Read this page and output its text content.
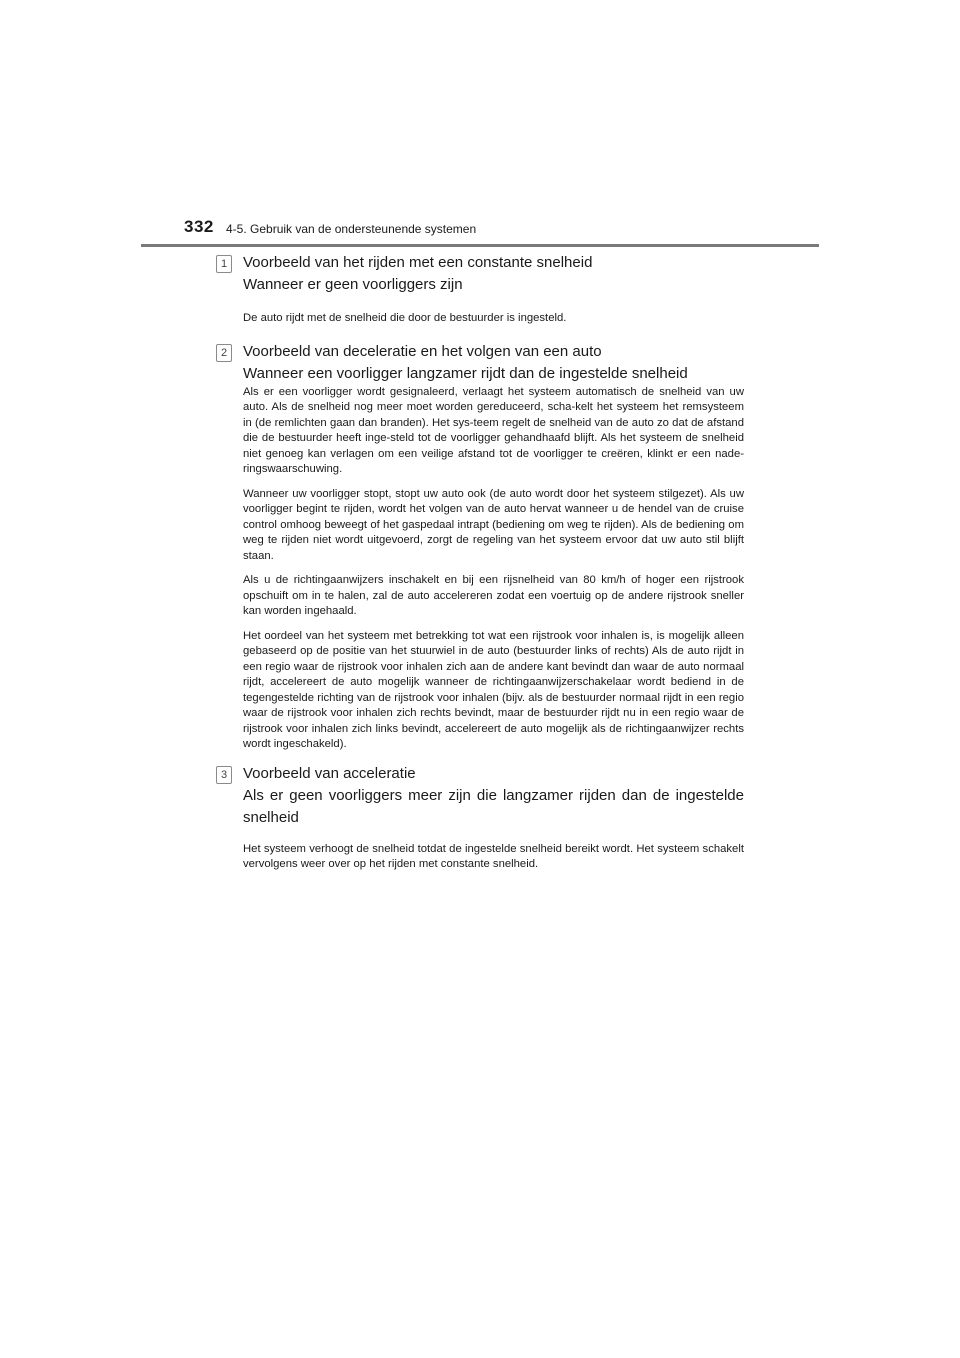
332 4-5. Gebruik van de ondersteunende systemen
1	Voorbeeld van het rijden met een constante snelheid

Wanneer er geen voorliggers zijn

De auto rijdt met de snelheid die door de bestuurder is ingesteld.

2	Voorbeeld van deceleratie en het volgen van een auto

Wanneer een voorligger langzamer rijdt dan de ingestelde snelheid

Als er een voorligger wordt gesignaleerd, verlaagt het systeem automatisch de snelheid van uw auto. Als de snelheid nog meer moet worden gereduceerd, scha-kelt het systeem het remsysteem in (de remlichten gaan dan branden). Het sys-teem regelt de snelheid van de auto zo dat de afstand die de bestuurder heeft inge-steld tot de voorligger gehandhaafd blijft. Als het systeem de snelheid niet genoeg kan verlagen om een veilige afstand tot de voorligger te creëren, klinkt er een nade-ringswaarschuwing.

Wanneer uw voorligger stopt, stopt uw auto ook (de auto wordt door het systeem stilgezet). Als uw voorligger begint te rijden, wordt het volgen van de auto hervat wanneer u de hendel van de cruise control omhoog beweegt of het gaspedaal intrapt (bediening om weg te rijden). Als de bediening om weg te rijden niet wordt uitgevoerd, zorgt de regeling van het systeem ervoor dat uw auto stil blijft staan.

Als u de richtingaanwijzers inschakelt en bij een rijsnelheid van 80 km/h of hoger een rijstrook opschuift om in te halen, zal de auto accelereren zodat een voertuig op de andere rijstrook sneller kan worden ingehaald.

Het oordeel van het systeem met betrekking tot wat een rijstrook voor inhalen is, is mogelijk alleen gebaseerd op de positie van het stuurwiel in de auto (bestuurder links of rechts) Als de auto rijdt in een regio waar de rijstrook voor inhalen zich aan de andere kant bevindt dan waar de auto normaal rijdt, accelereert de auto mogelijk wanneer de richtingaanwijzerschakelaar wordt bediend in de tegengestelde richting van de rijstrook voor inhalen (bijv. als de bestuurder normaal rijdt in een regio waar de rijstrook voor inhalen zich rechts bevindt, maar de bestuurder rijdt nu in een regio waar de rijstrook voor inhalen zich links bevindt, accelereert de auto mogelijk als de richtingaanwijzer rechts wordt ingeschakeld).

3	Voorbeeld van acceleratie

Als er geen voorliggers meer zijn die langzamer rijden dan de ingestelde snelheid

Het systeem verhoogt de snelheid totdat de ingestelde snelheid bereikt wordt. Het systeem schakelt vervolgens weer over op het rijden met constante snelheid.
